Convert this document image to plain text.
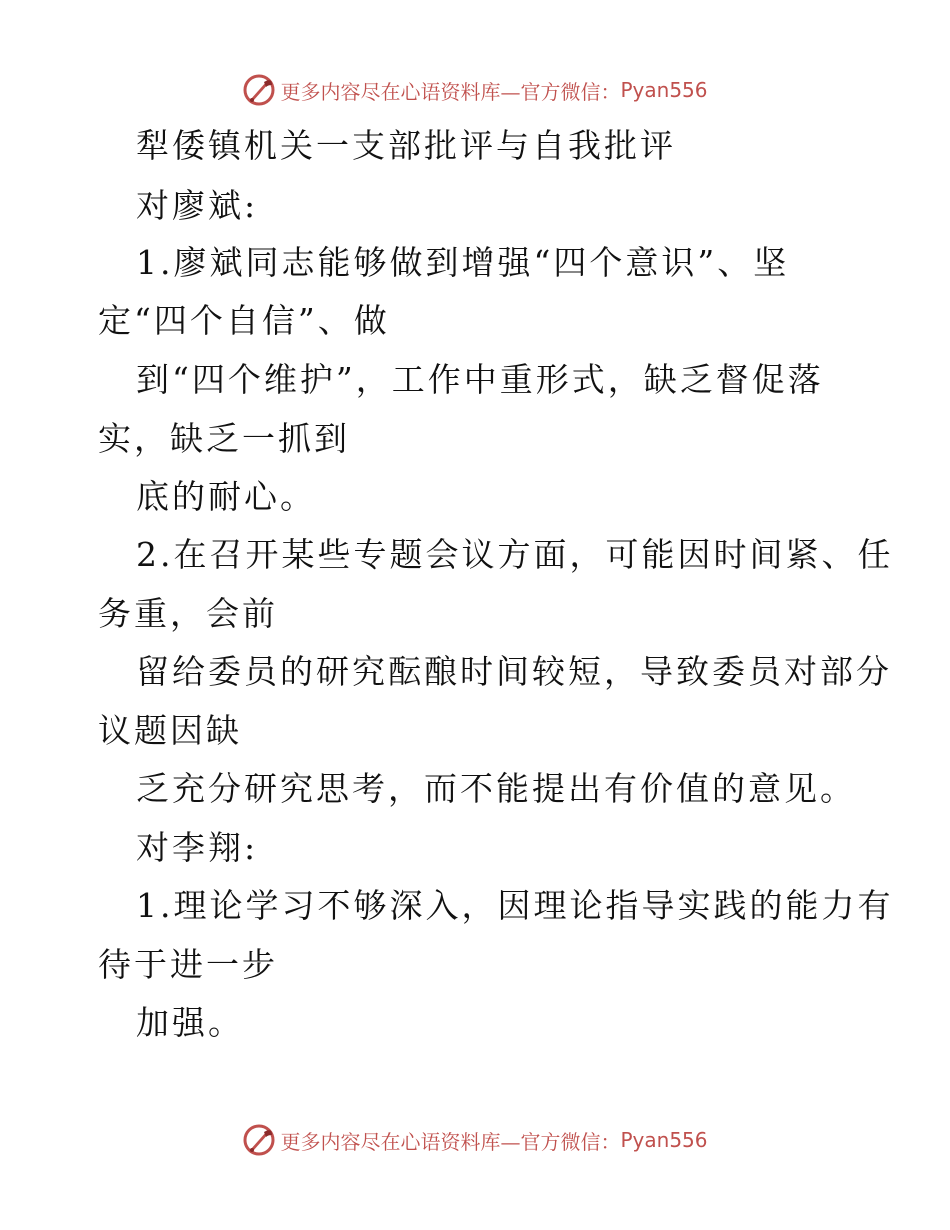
更多内容尽在心语资料库—官方微信： Pyan556
犁倭镇机关一支部批评与自我批评
对廖斌:
1.廖斌同志能够做到增强“四个意识”、坚
定“四个自信”、做
到“四个维护”，工作中重形式，缺乏督促落
实，缺乏一抓到
底的耐心。
2.在召开某些专题会议方面，可能因时间紧、任
务重，会前
留给委员的研究酝酿时间较短，导致委员对部分
议题因缺
乏充分研究思考，而不能提出有价值的意见。
对李翔:
1.理论学习不够深入，因理论指导实践的能力有
待于进一步
加强。
更多内容尽在心语资料库—官方微信： Pyan556
